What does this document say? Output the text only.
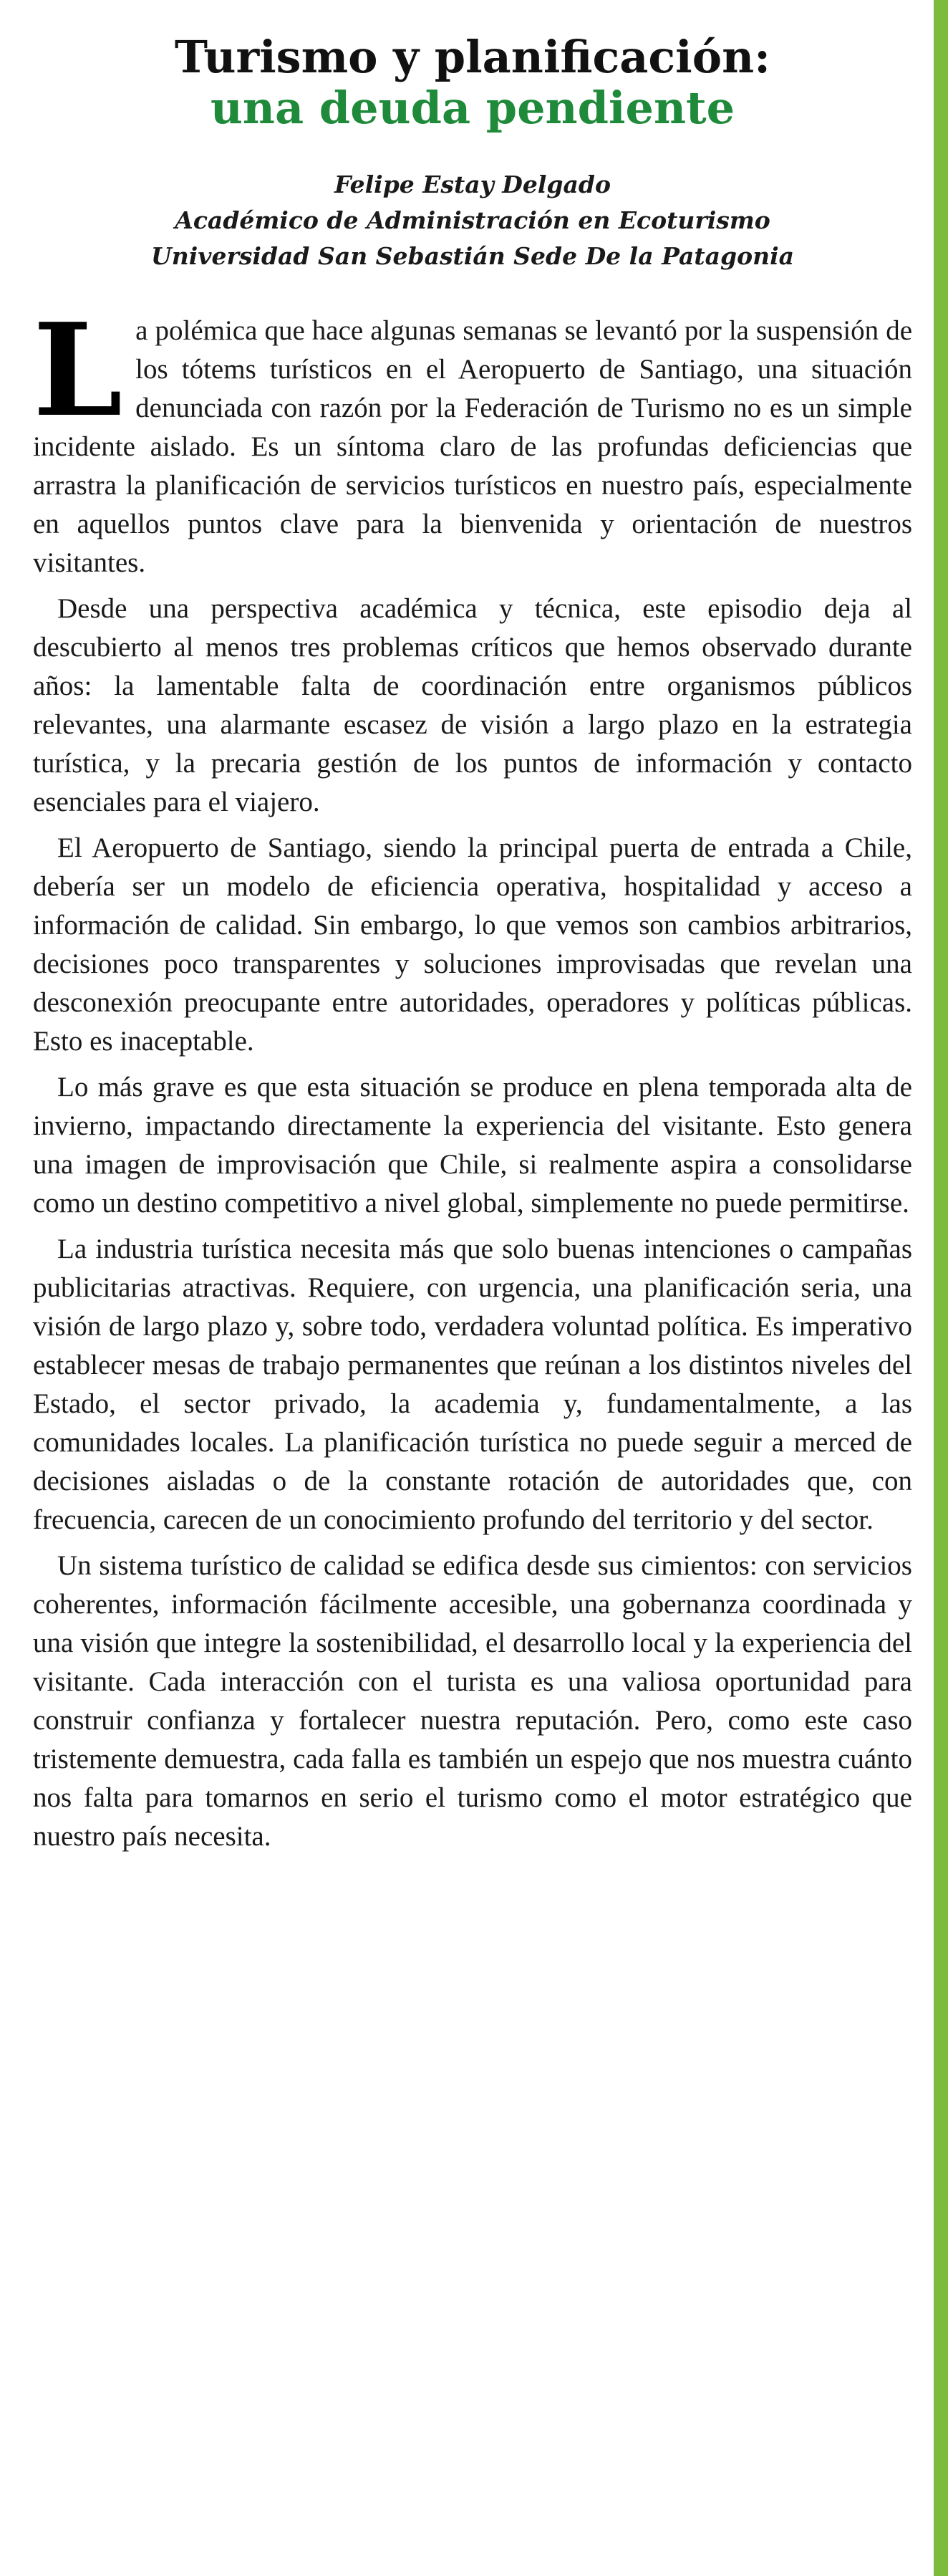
Turismo y planificación:
una deuda pendiente
Felipe Estay Delgado
Académico de Administración en Ecoturismo
Universidad San Sebastián Sede De la Patagonia

La polémica que hace algunas semanas se levantó por la suspensión de los tótems turísticos en el Aeropuerto de Santiago, una situación denunciada con razón por la Federación de Turismo no es un simple incidente aislado. Es un síntoma claro de las profundas deficiencias que arrastra la planificación de servicios turísticos en nuestro país, especialmente en aquellos puntos clave para la bienvenida y orientación de nuestros visitantes.

Desde una perspectiva académica y técnica, este episodio deja al descubierto al menos tres problemas críticos que hemos observado durante años: la lamentable falta de coordinación entre organismos públicos relevantes, una alarmante escasez de visión a largo plazo en la estrategia turística, y la precaria gestión de los puntos de información y contacto esenciales para el viajero.

El Aeropuerto de Santiago, siendo la principal puerta de entrada a Chile, debería ser un modelo de eficiencia operativa, hospitalidad y acceso a información de calidad. Sin embargo, lo que vemos son cambios arbitrarios, decisiones poco transparentes y soluciones improvisadas que revelan una desconexión preocupante entre autoridades, operadores y políticas públicas. Esto es inaceptable.

Lo más grave es que esta situación se produce en plena temporada alta de invierno, impactando directamente la experiencia del visitante. Esto genera una imagen de improvisación que Chile, si realmente aspira a consolidarse como un destino competitivo a nivel global, simplemente no puede permitirse.

La industria turística necesita más que solo buenas intenciones o campañas publicitarias atractivas. Requiere, con urgencia, una planificación seria, una visión de largo plazo y, sobre todo, verdadera voluntad política. Es imperativo establecer mesas de trabajo permanentes que reúnan a los distintos niveles del Estado, el sector privado, la academia y, fundamentalmente, a las comunidades locales. La planificación turística no puede seguir a merced de decisiones aisladas o de la constante rotación de autoridades que, con frecuencia, carecen de un conocimiento profundo del territorio y del sector.

Un sistema turístico de calidad se edifica desde sus cimientos: con servicios coherentes, información fácilmente accesible, una gobernanza coordinada y una visión que integre la sostenibilidad, el desarrollo local y la experiencia del visitante. Cada interacción con el turista es una valiosa oportunidad para construir confianza y fortalecer nuestra reputación. Pero, como este caso tristemente demuestra, cada falla es también un espejo que nos muestra cuánto nos falta para tomarnos en serio el turismo como el motor estratégico que nuestro país necesita.
